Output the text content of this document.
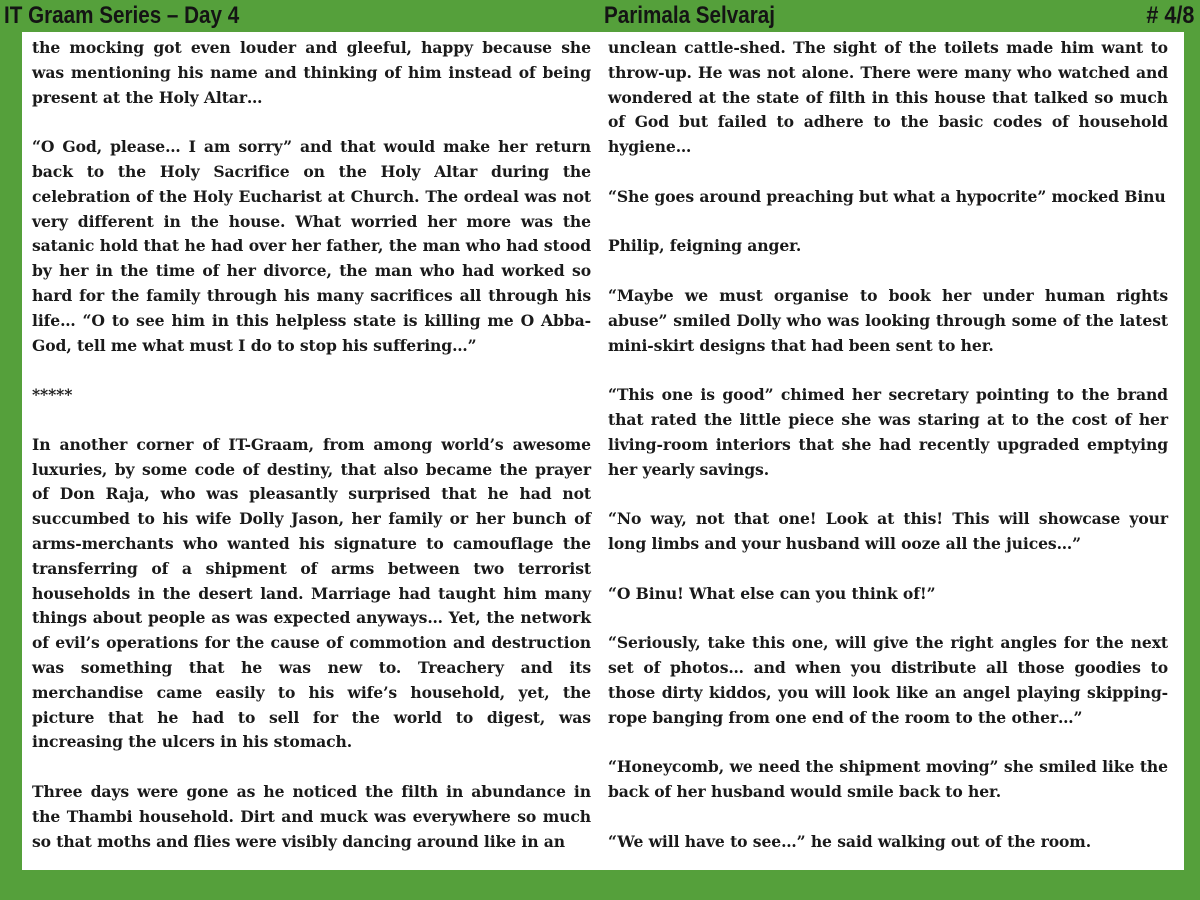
IT Graam Series – Day 4	Parimala Selvaraj	# 4/8

the mocking got even louder and gleeful, happy because she was mentioning his name and thinking of him instead of being present at the Holy Altar…

“O God, please… I am sorry” and that would make her return back to the Holy Sacrifice on the Holy Altar during the celebration of the Holy Eucharist at Church. The ordeal was not very different in the house. What worried her more was the satanic hold that he had over her father, the man who had stood by her in the time of her divorce, the man who had worked so hard for the family through his many sacrifices all through his life… “O to see him in this helpless state is killing me O Abba-God, tell me what must I do to stop his suffering…”

*****

In another corner of IT-Graam, from among world’s awesome luxuries, by some code of destiny, that also became the prayer of Don Raja, who was pleasantly surprised that he had not succumbed to his wife Dolly Jason, her family or her bunch of arms-merchants who wanted his signature to camouflage the transferring of a shipment of arms between two terrorist households in the desert land. Marriage had taught him many things about people as was expected anyways… Yet, the network of evil’s operations for the cause of commotion and destruction was something that he was new to. Treachery and its merchandise came easily to his wife’s household, yet, the picture that he had to sell for the world to digest, was increasing the ulcers in his stomach.

Three days were gone as he noticed the filth in abundance in the Thambi household. Dirt and muck was everywhere so much so that moths and flies were visibly dancing around like in an

unclean cattle-shed. The sight of the toilets made him want to throw-up. He was not alone. There were many who watched and wondered at the state of filth in this house that talked so much of God but failed to adhere to the basic codes of household hygiene…

“She goes around preaching but what a hypocrite” mocked Binu

Philip, feigning anger.

“Maybe we must organise to book her under human rights abuse” smiled Dolly who was looking through some of the latest mini-skirt designs that had been sent to her.

“This one is good” chimed her secretary pointing to the brand that rated the little piece she was staring at to the cost of her living-room interiors that she had recently upgraded emptying her yearly savings.

“No way, not that one! Look at this! This will showcase your long limbs and your husband will ooze all the juices…”

“O Binu! What else can you think of!”

“Seriously, take this one, will give the right angles for the next set of photos… and when you distribute all those goodies to those dirty kiddos, you will look like an angel playing skipping-rope banging from one end of the room to the other…”

“Honeycomb, we need the shipment moving” she smiled like the back of her husband would smile back to her.

“We will have to see…” he said walking out of the room.
